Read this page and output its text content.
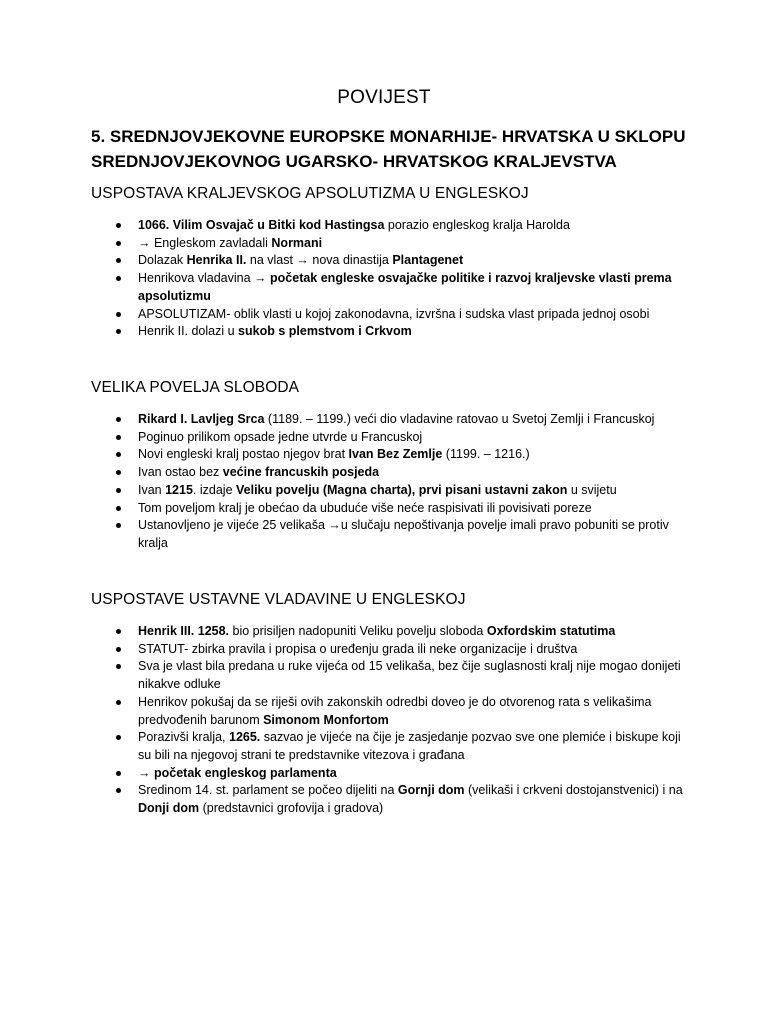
POVIJEST
5. SREDNJOVJEKOVNE EUROPSKE MONARHIJE- HRVATSKA U SKLOPU SREDNJOVJEKOVNOG UGARSKO- HRVATSKOG KRALJEVSTVA
USPOSTAVA KRALJEVSKOG APSOLUTIZMA U ENGLESKOJ
1066. Vilim Osvajač u Bitki kod Hastingsa porazio engleskog kralja Harolda
→ Engleskom zavladali Normani
Dolazak Henrika II. na vlast → nova dinastija Plantagenet
Henrikova vladavina → početak engleske osvajačke politike i razvoj kraljevske vlasti prema apsolutizmu
APSOLUTIZAM- oblik vlasti u kojoj zakonodavna, izvršna i sudska vlast pripada jednoj osobi
Henrik II. dolazi u sukob s plemstvom i Crkvom
VELIKA POVELJA SLOBODA
Rikard I. Lavljeg Srca (1189. – 1199.) veći dio vladavine ratovao u Svetoj Zemlji i Francuskoj
Poginuo prilikom opsade jedne utvrde u Francuskoj
Novi engleski kralj postao njegov brat Ivan Bez Zemlje (1199. – 1216.)
Ivan ostao bez većine francuskih posjeda
Ivan 1215. izdaje Veliku povelju (Magna charta), prvi pisani ustavni zakon u svijetu
Tom poveljom kralj je obećao da ubuduće više neće raspisivati ili povisivati poreze
Ustanovljeno je vijeće 25 velikaša →u slučaju nepoštivanja povelje imali pravo pobuniti se protiv kralja
USPOSTAVE USTAVNE VLADAVINE U ENGLESKOJ
Henrik III. 1258. bio prisiljen nadopuniti Veliku povelju sloboda Oxfordskim statutima
STATUT- zbirka pravila i propisa o uređenju grada ili neke organizacije i društva
Sva je vlast bila predana u ruke vijeća od 15 velikaša, bez čije suglasnosti kralj nije mogao donijeti nikakve odluke
Henrikov pokušaj da se riješi ovih zakonskih odredbi doveo je do otvorenog rata s velikašima predvođenih barunom Simonom Monfortom
Porazivši kralja, 1265. sazvao je vijeće na čije je zasjedanje pozvao sve one plemiće i biskupe koji su bili na njegovoj strani te predstavnike vitezova i građana
→ početak engleskog parlamenta
Sredinom 14. st. parlament se počeo dijeliti na Gornji dom (velikaši i crkveni dostojanstvenici) i na Donji dom (predstavnici grofovija i gradova)
